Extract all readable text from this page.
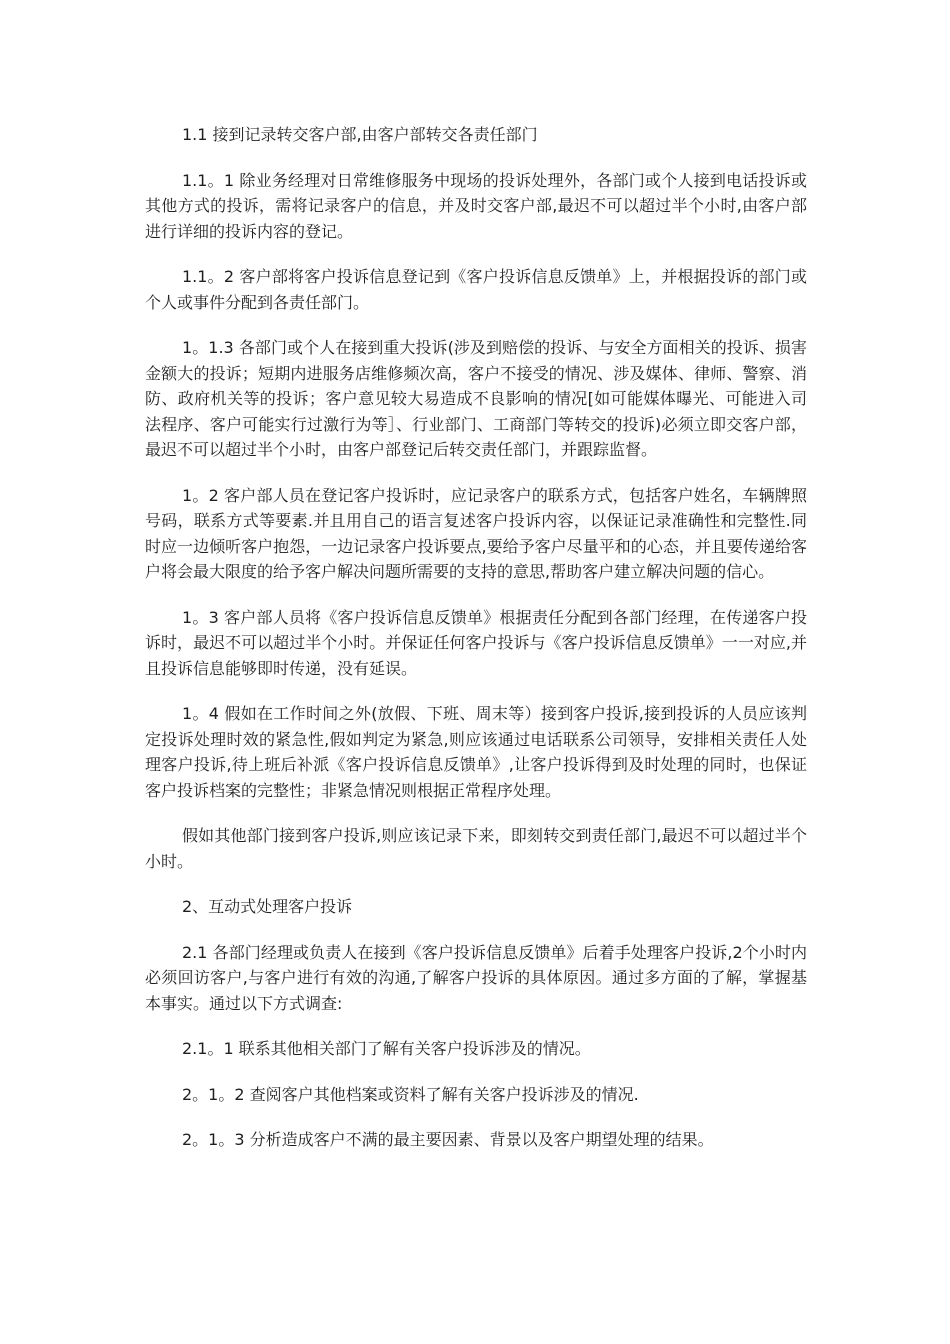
1.1 接到记录转交客户部,由客户部转交各责任部门

1.1。1 除业务经理对日常维修服务中现场的投诉处理外，各部门或个人接到电话投诉或其他方式的投诉，需将记录客户的信息，并及时交客户部,最迟不可以超过半个小时,由客户部进行详细的投诉内容的登记。

1.1。2 客户部将客户投诉信息登记到《客户投诉信息反馈单》上，并根据投诉的部门或个人或事件分配到各责任部门。

1。1.3 各部门或个人在接到重大投诉(涉及到赔偿的投诉、与安全方面相关的投诉、损害金额大的投诉；短期内进服务店维修频次高，客户不接受的情况、涉及媒体、律师、警察、消防、政府机关等的投诉；客户意见较大易造成不良影响的情况[如可能媒体曝光、可能进入司法程序、客户可能实行过激行为等］、行业部门、工商部门等转交的投诉)必须立即交客户部，最迟不可以超过半个小时，由客户部登记后转交责任部门，并跟踪监督。

1。2 客户部人员在登记客户投诉时，应记录客户的联系方式，包括客户姓名，车辆牌照号码，联系方式等要素.并且用自己的语言复述客户投诉内容，以保证记录准确性和完整性.同时应一边倾听客户抱怨，一边记录客户投诉要点,要给予客户尽量平和的心态，并且要传递给客户将会最大限度的给予客户解决问题所需要的支持的意思,帮助客户建立解决问题的信心。

1。3 客户部人员将《客户投诉信息反馈单》根据责任分配到各部门经理，在传递客户投诉时，最迟不可以超过半个小时。并保证任何客户投诉与《客户投诉信息反馈单》一一对应,并且投诉信息能够即时传递，没有延误。

1。4 假如在工作时间之外(放假、下班、周末等）接到客户投诉,接到投诉的人员应该判定投诉处理时效的紧急性,假如判定为紧急,则应该通过电话联系公司领导，安排相关责任人处理客户投诉,待上班后补派《客户投诉信息反馈单》,让客户投诉得到及时处理的同时，也保证客户投诉档案的完整性；非紧急情况则根据正常程序处理。

假如其他部门接到客户投诉,则应该记录下来，即刻转交到责任部门,最迟不可以超过半个小时。

2、互动式处理客户投诉

2.1 各部门经理或负责人在接到《客户投诉信息反馈单》后着手处理客户投诉,2个小时内必须回访客户,与客户进行有效的沟通,了解客户投诉的具体原因。通过多方面的了解，掌握基本事实。通过以下方式调查:

2.1。1 联系其他相关部门了解有关客户投诉涉及的情况。

2。1。2 查阅客户其他档案或资料了解有关客户投诉涉及的情况.

2。1。3 分析造成客户不满的最主要因素、背景以及客户期望处理的结果。
